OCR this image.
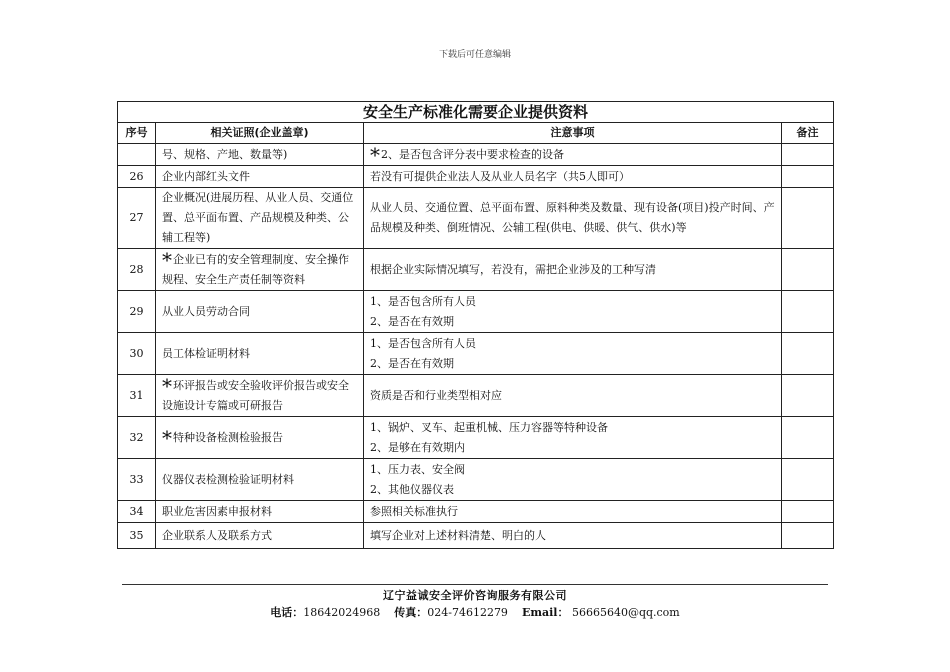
下载后可任意编辑
安全生产标准化需要企业提供资料			
序号	相关证照(企业盖章)	注意事项	备注
	号、规格、产地、数量等)	*2、是否包含评分表中要求检查的设备	

26	企业内部红头文件	若没有可提供企业法人及从业人员名字（共5人即可）	

27	企业概况(进展历程、从业人员、交通位置、总平面布置、产品规模及种类、公辅工程等)	从业人员、交通位置、总平面布置、原料种类及数量、现有设备(项目)投产时间、产品规模及种类、倒班情况、公辅工程(供电、供暖、供气、供水)等	

28	*企业已有的安全管理制度、安全操作规程、安全生产责任制等资料	根据企业实际情况填写，若没有，需把企业涉及的工种写清	

29	从业人员劳动合同	1、是否包含所有人员
2、是否在有效期	

30	员工体检证明材料	1、是否包含所有人员
2、是否在有效期	

31	*环评报告或安全验收评价报告或安全设施设计专篇或可研报告	资质是否和行业类型相对应	

32	*特种设备检测检验报告	1、锅炉、叉车、起重机械、压力容器等特种设备
2、是够在有效期内	

33	仪器仪表检测检验证明材料	1、压力表、安全阀
2、其他仪器仪表	

34	职业危害因素申报材料	参照相关标准执行	

35	企业联系人及联系方式	填写企业对上述材料清楚、明白的人	

辽宁益诚安全评价咨询服务有限公司
电话：18642024968 传真：024-74612279 Email： 56665640@qq.com
